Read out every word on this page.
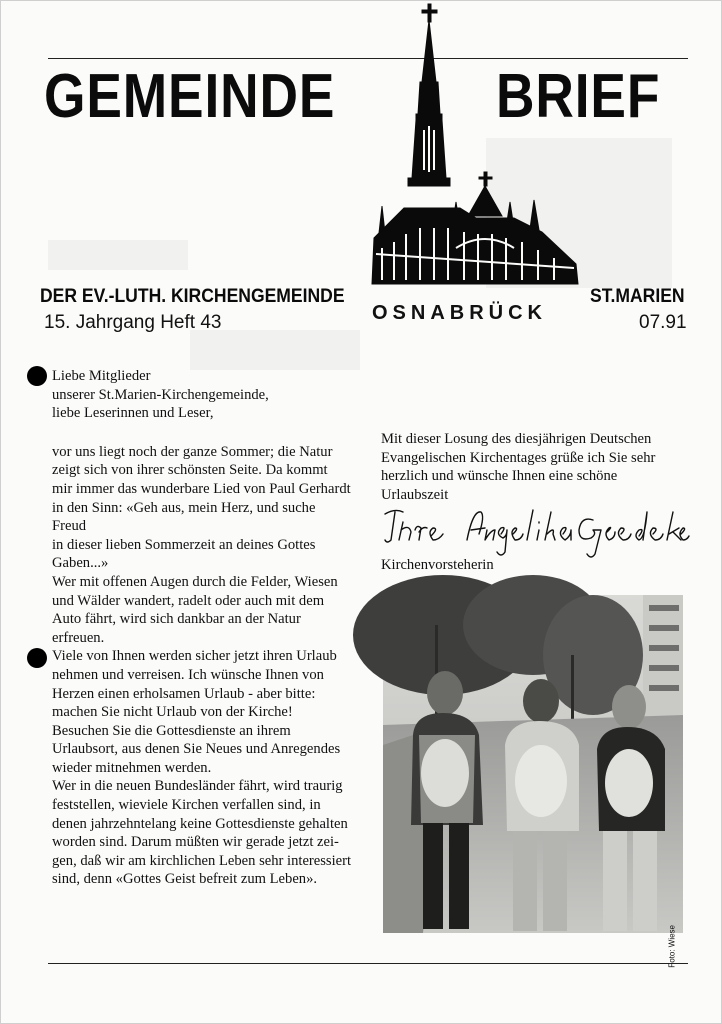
GEMEINDE	BRIEF
DER EV.-LUTH. KIRCHENGEMEINDE	ST.MARIEN
OSNABRÜCK
15. Jahrgang Heft 43	07.91

Liebe Mitglieder

unserer St.Marien-Kirchengemeinde,

liebe Leserinnen und Leser,

vor uns liegt noch der ganze Sommer; die Natur

zeigt sich von ihrer schönsten Seite. Da kommt

mir immer das wunderbare Lied von Paul Gerhardt

in den Sinn: «Geh aus, mein Herz, und suche Freud

in dieser lieben Sommerzeit an deines Gottes

Gaben...»

Wer mit offenen Augen durch die Felder, Wiesen

und Wälder wandert, radelt oder auch mit dem

Auto fährt, wird sich dankbar an der Natur

erfreuen.

Viele von Ihnen werden sicher jetzt ihren Urlaub

nehmen und verreisen. Ich wünsche Ihnen von

Herzen einen erholsamen Urlaub - aber bitte:

machen Sie nicht Urlaub von der Kirche!

Besuchen Sie die Gottesdienste an ihrem

Urlaubsort, aus denen Sie Neues und Anregendes

wieder mitnehmen werden.

Wer in die neuen Bundesländer fährt, wird traurig

feststellen, wieviele Kirchen verfallen sind, in

denen jahrzehntelang keine Gottesdienste gehalten

worden sind. Darum müßten wir gerade jetzt zei-

gen, daß wir am kirchlichen Leben sehr interessiert

sind, denn «Gottes Geist befreit zum Leben».

Mit dieser Losung des diesjährigen Deutschen

Evangelischen Kirchentages grüße ich Sie sehr

herzlich und wünsche Ihnen eine schöne

Urlaubszeit

Kirchenvorsteherin
Foto: Wiese
